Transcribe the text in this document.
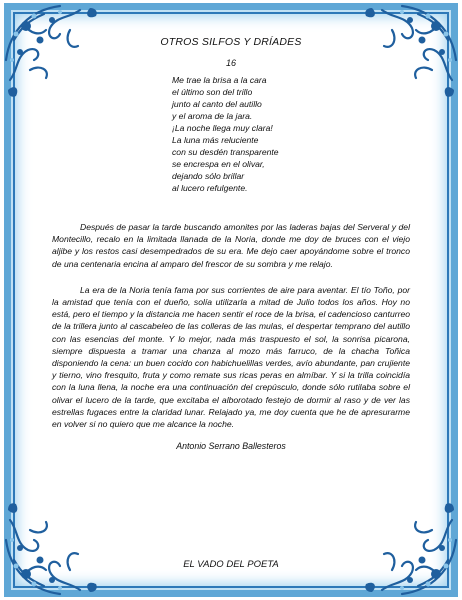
OTROS SILFOS Y DRÍADES

16

Me trae la brisa a la cara
el último son del trillo
junto al canto del autillo
y el aroma de la jara.
¡La noche llega muy clara!
La luna más reluciente
con su desdén transparente
se encrespa en el olivar,
dejando sólo brillar
al lucero refulgente.

Después de pasar la tarde buscando amonites por las laderas bajas del Serveral y del Montecillo, recalo en la limitada llanada de la Noria, donde me doy de bruces con el viejo aljibe y los restos casi desempedrados de su era. Me dejo caer apoyándome sobre el tronco de una centenaria encina al amparo del frescor de su sombra y me relajo.

La era de la Noria tenía fama por sus corrientes de aire para aventar. El tío Toño, por la amistad que tenía con el dueño, solía utilizarla a mitad de Julio todos los años. Hoy no está, pero el tiempo y la distancia me hacen sentir el roce de la brisa, el cadencioso canturreo de la trillera junto al cascabeleo de las colleras de las mulas, el despertar temprano del autillo con las esencias del monte. Y lo mejor, nada más traspuesto el sol, la sonrisa picarona, siempre dispuesta a tramar una chanza al mozo más farruco, de la chacha Toñica disponiendo la cena: un buen cocido con habichuelillas verdes, avío abundante, pan crujiente y tierno, vino fresquito, fruta y como remate sus ricas peras en almíbar. Y si la trilla coincidía con la luna llena, la noche era una continuación del crepúsculo, donde sólo rutilaba sobre el olivar el lucero de la tarde, que excitaba el alborotado festejo de dormir al raso y de ver las estrellas fugaces entre la claridad lunar. Relajado ya, me doy cuenta que he de apresurarme en volver si no quiero que me alcance la noche.

Antonio Serrano Ballesteros
EL VADO DEL POETA
